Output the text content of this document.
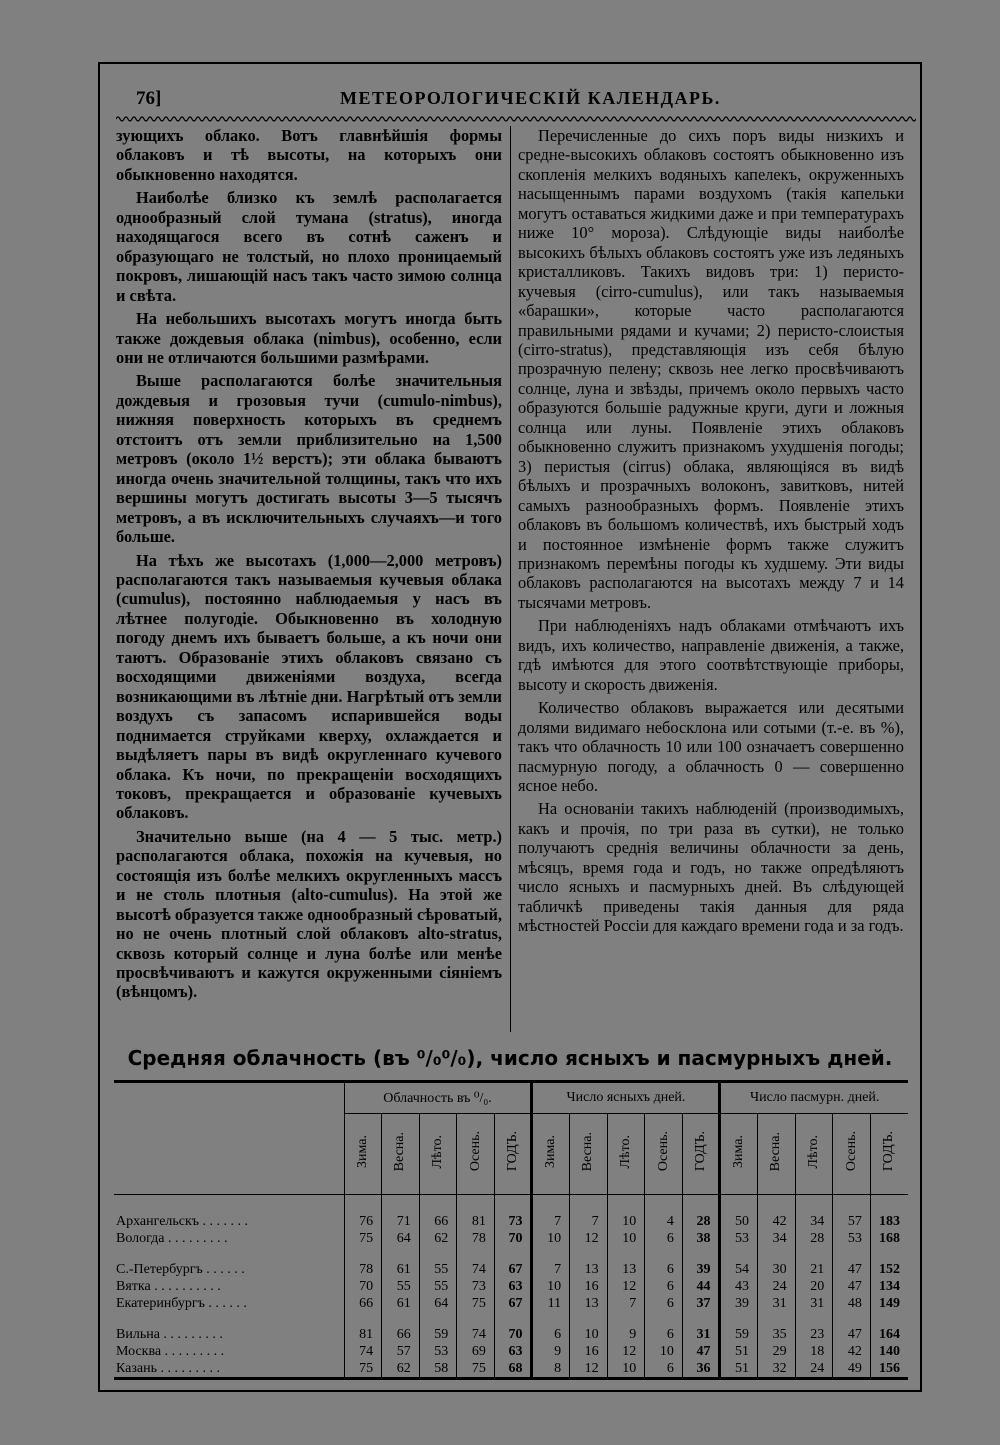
76]	МЕТЕОРОЛОГИЧЕСКІЙ КАЛЕНДАРЬ.

зующихъ облако. Вотъ главнѣйшія формы облаковъ и тѣ высоты, на которыхъ они обыкновенно находятся.

Наиболѣе близко къ землѣ располагается однообразный слой тумана (stratus), иногда находящагося всего въ сотнѣ саженъ и образующаго не толстый, но плохо проницаемый покровъ, лишающій насъ такъ часто зимою солнца и свѣта.

На небольшихъ высотахъ могутъ иногда быть также дождевыя облака (nimbus), особенно, если они не отличаются большими размѣрами.

Выше располагаются болѣе значительныя дождевыя и грозовыя тучи (cumulo-nimbus), нижняя поверхность которыхъ въ среднемъ отстоитъ отъ земли приблизительно на 1,500 метровъ (около 1½ верстъ); эти облака бываютъ иногда очень значительной толщины, такъ что ихъ вершины могутъ достигать высоты 3—5 тысячъ метровъ, а въ исключительныхъ случаяхъ—и того больше.

На тѣхъ же высотахъ (1,000—2,000 метровъ) располагаются такъ называемыя кучевыя облака (cumulus), постоянно наблюдаемыя у насъ въ лѣтнее полугодіе. Обыкновенно въ холодную погоду днемъ ихъ бываетъ больше, а къ ночи они таютъ. Образованіе этихъ облаковъ связано съ восходящими движеніями воздуха, всегда возникающими въ лѣтніе дни. Нагрѣтый отъ земли воздухъ съ запасомъ испарившейся воды поднимается струйками кверху, охлаждается и выдѣляетъ пары въ видѣ округленнаго кучевого облака. Къ ночи, по прекращеніи восходящихъ токовъ, прекращается и образованіе кучевыхъ облаковъ.

Значительно выше (на 4 — 5 тыс. метр.) располагаются облака, похожія на кучевыя, но состоящія изъ болѣе мелкихъ округленныхъ массъ и не столь плотныя (alto-cumulus). На этой же высотѣ образуется также однообразный сѣроватый, но не очень плотный слой облаковъ alto-stratus, сквозь который солнце и луна болѣе или менѣе просвѣчиваютъ и кажутся окруженными сіяніемъ (вѣнцомъ).

Перечисленные до сихъ поръ виды низкихъ и средне-высокихъ облаковъ состоятъ обыкновенно изъ скопленія мелкихъ водяныхъ капелекъ, окруженныхъ насыщеннымъ парами воздухомъ (такія капельки могутъ оставаться жидкими даже и при температурахъ ниже 10° мороза). Слѣдующіе виды наиболѣе высокихъ бѣлыхъ облаковъ состоятъ уже изъ ледяныхъ кристалликовъ. Такихъ видовъ три: 1) перисто-кучевыя (cirro-cumulus), или такъ называемыя «барашки», которые часто располагаются правильными рядами и кучами; 2) перисто-слоистыя (cirro-stratus), представляющія изъ себя бѣлую прозрачную пелену; сквозь нее легко просвѣчиваютъ солнце, луна и звѣзды, причемъ около первыхъ часто образуются большіе радужные круги, дуги и ложныя солнца или луны. Появленіе этихъ облаковъ обыкновенно служитъ признакомъ ухудшенія погоды; 3) перистыя (cirrus) облака, являющіяся въ видѣ бѣлыхъ и прозрачныхъ волоконъ, завитковъ, нитей самыхъ разнообразныхъ формъ. Появленіе этихъ облаковъ въ большомъ количествѣ, ихъ быстрый ходъ и постоянное измѣненіе формъ также служитъ признакомъ перемѣны погоды къ худшему. Эти виды облаковъ располагаются на высотахъ между 7 и 14 тысячами метровъ.

При наблюденіяхъ надъ облаками отмѣчаютъ ихъ видъ, ихъ количество, направленіе движенія, а также, гдѣ имѣются для этого соотвѣтствующіе приборы, высоту и скорость движенія.

Количество облаковъ выражается или десятыми долями видимаго небосклона или сотыми (т.-е. въ %), такъ что облачность 10 или 100 означаетъ совершенно пасмурную погоду, а облачность 0 — совершенно ясное небо.

На основаніи такихъ наблюденій (производимыхъ, какъ и прочія, по три раза въ сутки), не только получаютъ среднія величины облачности за день, мѣсяцъ, время года и годъ, но также опредѣляютъ число ясныхъ и пасмурныхъ дней. Въ слѣдующей табличкѣ приведены такія данныя для ряда мѣстностей Россіи для каждаго времени года и за годъ.

Средняя облачность (въ ⁰/₀⁰/₀), число ясныхъ и пасмурныхъ дней.
	Облачность въ ⁰/₀.					Число ясныхъ дней.					Число пасмурн. дней.				
	Зима.	Весна.	Лѣто.	Осень.	ГОДЪ.	Зима.	Весна.	Лѣто.	Осень.	ГОДЪ.	Зима.	Весна.	Лѣто.	Осень.	ГОДЪ.

Архангельскъ . . . . . . .	76	71	66	81	73	7	7	10	4	28	50	42	34	57	183
Вологда . . . . . . . . .	75	64	62	78	70	10	12	10	6	38	53	34	28	53	168

С.-Петербургъ . . . . . .	78	61	55	74	67	7	13	13	6	39	54	30	21	47	152
Вятка . . . . . . . . . .	70	55	55	73	63	10	16	12	6	44	43	24	20	47	134
Екатеринбургъ . . . . . .	66	61	64	75	67	11	13	7	6	37	39	31	31	48	149

Вильна . . . . . . . . .	81	66	59	74	70	6	10	9	6	31	59	35	23	47	164
Москва . . . . . . . . .	74	57	53	69	63	9	16	12	10	47	51	29	18	42	140
Казань . . . . . . . . .	75	62	58	75	68	8	12	10	6	36	51	32	24	49	156
